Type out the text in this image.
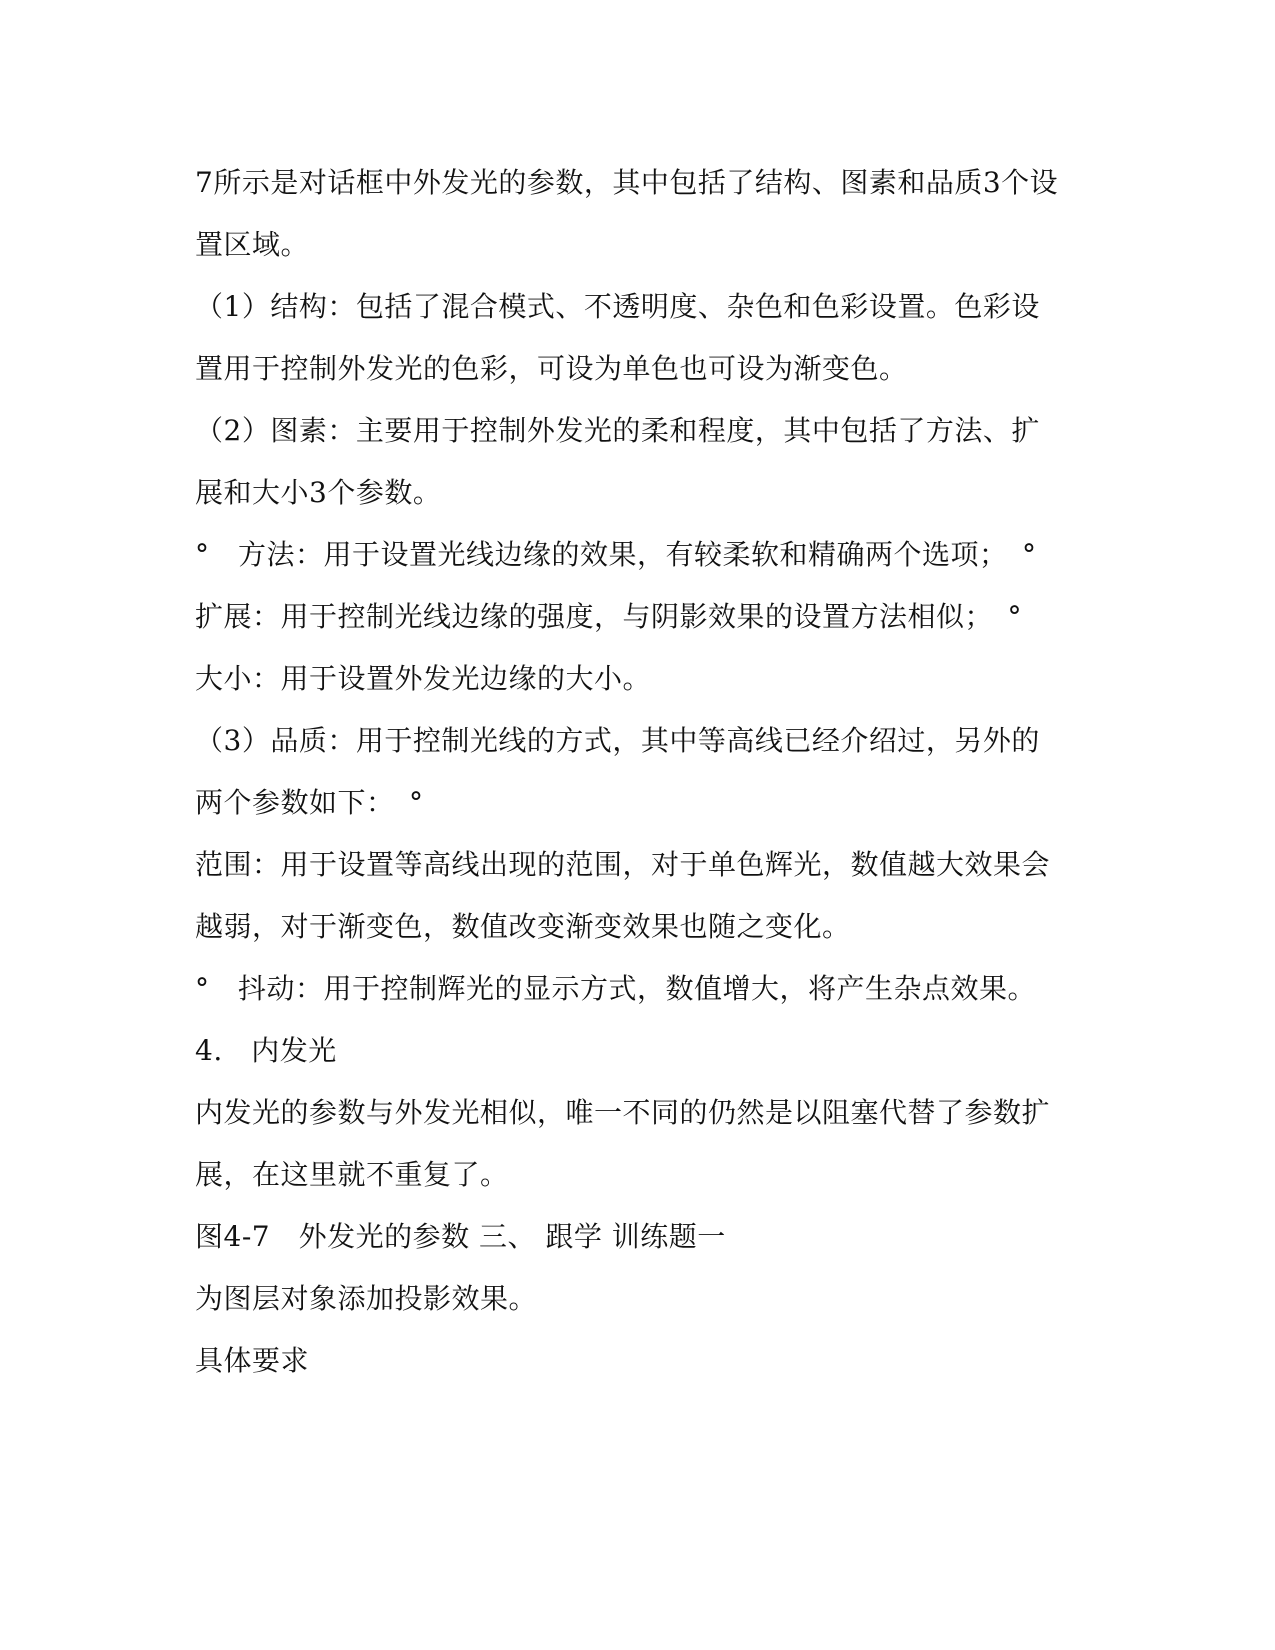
7所示是对话框中外发光的参数，其中包括了结构、图素和品质3个设
置区域。
（1）结构：包括了混合模式、不透明度、杂色和色彩设置。色彩设
置用于控制外发光的色彩，可设为单色也可设为渐变色。
（2）图素：主要用于控制外发光的柔和程度，其中包括了方法、扩
展和大小3个参数。
°　方法：用于设置光线边缘的效果，有较柔软和精确两个选项；　°
扩展：用于控制光线边缘的强度，与阴影效果的设置方法相似；　°
大小：用于设置外发光边缘的大小。
（3）品质：用于控制光线的方式，其中等高线已经介绍过，另外的
两个参数如下：　°
范围：用于设置等高线出现的范围，对于单色辉光，数值越大效果会
越弱，对于渐变色，数值改变渐变效果也随之变化。
°　抖动：用于控制辉光的显示方式，数值增大，将产生杂点效果。
4.　内发光
内发光的参数与外发光相似，唯一不同的仍然是以阻塞代替了参数扩
展，在这里就不重复了。
图4-7　外发光的参数 三、 跟学 训练题一
为图层对象添加投影效果。
具体要求
